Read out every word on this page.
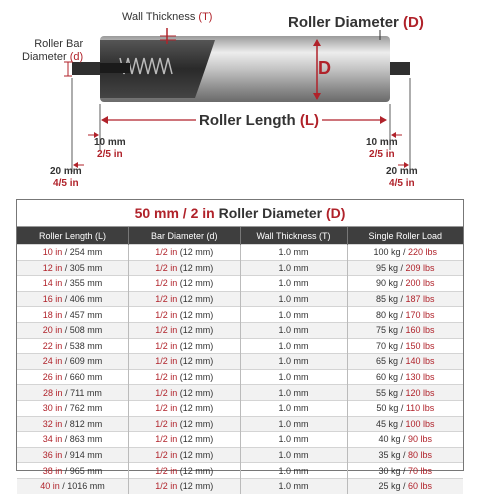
Wall Thickness (T)	Roller Diameter (D)
Roller Bar
Diameter (d)
D
Roller Length (L)
10 mm
2/5 in
20 mm
4/5 in
10 mm
2/5 in
20 mm
4/5 in
50 mm / 2 in Roller Diameter (D)
Roller Length (L)	Bar Diameter (d)	Wall Thickness (T)	Single Roller Load
10 in / 254 mm	1/2 in (12 mm)	1.0 mm	100 kg / 220 lbs
12 in / 305 mm	1/2 in (12 mm)	1.0 mm	95 kg / 209 lbs
14 in / 355 mm	1/2 in (12 mm)	1.0 mm	90 kg / 200 lbs
16 in / 406 mm	1/2 in (12 mm)	1.0 mm	85 kg / 187 lbs
18 in / 457 mm	1/2 in (12 mm)	1.0 mm	80 kg / 170 lbs
20 in / 508 mm	1/2 in (12 mm)	1.0 mm	75 kg / 160 lbs
22 in / 538 mm	1/2 in (12 mm)	1.0 mm	70 kg / 150 lbs
24 in / 609 mm	1/2 in (12 mm)	1.0 mm	65 kg / 140 lbs
26 in / 660 mm	1/2 in (12 mm)	1.0 mm	60 kg / 130 lbs
28 in / 711 mm	1/2 in (12 mm)	1.0 mm	55 kg / 120 lbs
30 in / 762 mm	1/2 in (12 mm)	1.0 mm	50 kg / 110 lbs
32 in / 812 mm	1/2 in (12 mm)	1.0 mm	45 kg / 100 lbs
34 in / 863 mm	1/2 in (12 mm)	1.0 mm	40 kg / 90 lbs
36 in / 914 mm	1/2 in (12 mm)	1.0 mm	35 kg / 80 lbs
38 in / 965 mm	1/2 in (12 mm)	1.0 mm	30 kg / 70 lbs
40 in / 1016 mm	1/2 in (12 mm)	1.0 mm	25 kg / 60 lbs
